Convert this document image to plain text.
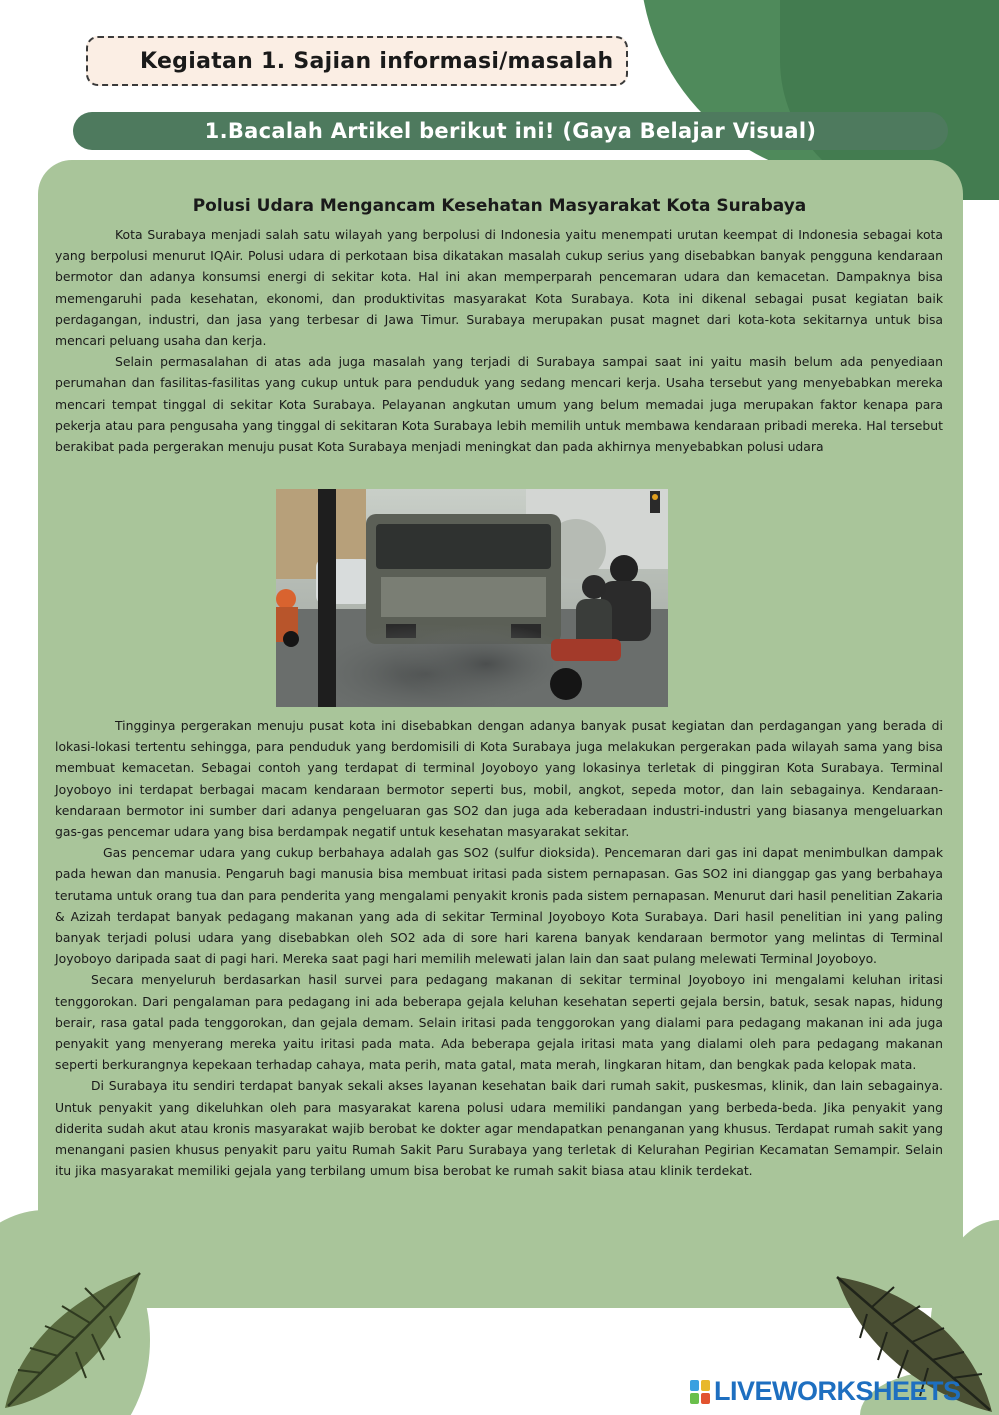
Kegiatan 1. Sajian informasi/masalah
1.Bacalah Artikel berikut ini! (Gaya Belajar Visual)
Polusi Udara Mengancam Kesehatan Masyarakat Kota Surabaya

Kota Surabaya menjadi salah satu wilayah yang berpolusi di Indonesia yaitu menempati urutan keempat di Indonesia sebagai kota yang berpolusi menurut IQAir. Polusi udara di perkotaan bisa dikatakan masalah cukup serius yang disebabkan banyak pengguna kendaraan bermotor dan adanya konsumsi energi di sekitar kota. Hal ini akan memperparah pencemaran udara dan kemacetan. Dampaknya bisa memengaruhi pada kesehatan, ekonomi, dan produktivitas masyarakat Kota Surabaya. Kota ini dikenal sebagai pusat kegiatan baik perdagangan, industri, dan jasa yang terbesar di Jawa Timur. Surabaya merupakan pusat magnet dari kota-kota sekitarnya untuk bisa mencari peluang usaha dan kerja.

Selain permasalahan di atas ada juga masalah yang terjadi di Surabaya sampai saat ini yaitu masih belum ada penyediaan perumahan dan fasilitas-fasilitas yang cukup untuk para penduduk yang sedang mencari kerja. Usaha tersebut yang menyebabkan mereka mencari tempat tinggal di sekitar Kota Surabaya. Pelayanan angkutan umum yang belum memadai juga merupakan faktor kenapa para pekerja atau para pengusaha yang tinggal di sekitaran Kota Surabaya lebih memilih untuk membawa kendaraan pribadi mereka. Hal tersebut berakibat pada pergerakan menuju pusat Kota Surabaya menjadi meningkat dan pada akhirnya menyebabkan polusi udara

Tingginya pergerakan menuju pusat kota ini disebabkan dengan adanya banyak pusat kegiatan dan perdagangan yang berada di lokasi-lokasi tertentu sehingga, para penduduk yang berdomisili di Kota Surabaya juga melakukan pergerakan pada wilayah sama yang bisa membuat kemacetan. Sebagai contoh yang terdapat di terminal Joyoboyo yang lokasinya terletak di pinggiran Kota Surabaya. Terminal Joyoboyo ini terdapat berbagai macam kendaraan bermotor seperti bus, mobil, angkot, sepeda motor, dan lain sebagainya. Kendaraan-kendaraan bermotor ini sumber dari adanya pengeluaran gas SO2 dan juga ada keberadaan industri-industri yang biasanya mengeluarkan gas-gas pencemar udara yang bisa berdampak negatif untuk kesehatan masyarakat sekitar.

Gas pencemar udara yang cukup berbahaya adalah gas SO2 (sulfur dioksida). Pencemaran dari gas ini dapat menimbulkan dampak pada hewan dan manusia. Pengaruh bagi manusia bisa membuat iritasi pada sistem pernapasan. Gas SO2 ini dianggap gas yang berbahaya terutama untuk orang tua dan para penderita yang mengalami penyakit kronis pada sistem pernapasan. Menurut dari hasil penelitian Zakaria & Azizah terdapat banyak pedagang makanan yang ada di sekitar Terminal Joyoboyo Kota Surabaya. Dari hasil penelitian ini yang paling banyak terjadi polusi udara yang disebabkan oleh SO2 ada di sore hari karena banyak kendaraan bermotor yang melintas di Terminal Joyoboyo daripada saat di pagi hari. Mereka saat pagi hari memilih melewati jalan lain dan saat pulang melewati Terminal Joyoboyo.

Secara menyeluruh berdasarkan hasil survei para pedagang makanan di sekitar terminal Joyoboyo ini mengalami keluhan iritasi tenggorokan. Dari pengalaman para pedagang ini ada beberapa gejala keluhan kesehatan seperti gejala bersin, batuk, sesak napas, hidung berair, rasa gatal pada tenggorokan, dan gejala demam. Selain iritasi pada tenggorokan yang dialami para pedagang makanan ini ada juga penyakit yang menyerang mereka yaitu iritasi pada mata. Ada beberapa gejala iritasi mata yang dialami oleh para pedagang makanan seperti berkurangnya kepekaan terhadap cahaya, mata perih, mata gatal, mata merah, lingkaran hitam, dan bengkak pada kelopak mata.

Di Surabaya itu sendiri terdapat banyak sekali akses layanan kesehatan baik dari rumah sakit, puskesmas, klinik, dan lain sebagainya. Untuk penyakit yang dikeluhkan oleh para masyarakat karena polusi udara memiliki pandangan yang berbeda-beda. Jika penyakit yang diderita sudah akut atau kronis masyarakat wajib berobat ke dokter agar mendapatkan penanganan yang khusus. Terdapat rumah sakit yang menangani pasien khusus penyakit paru yaitu Rumah Sakit Paru Surabaya yang terletak di Kelurahan Pegirian Kecamatan Semampir. Selain itu jika masyarakat memiliki gejala yang terbilang umum bisa berobat ke rumah sakit biasa atau klinik terdekat.

LIVEWORKSHEETS
